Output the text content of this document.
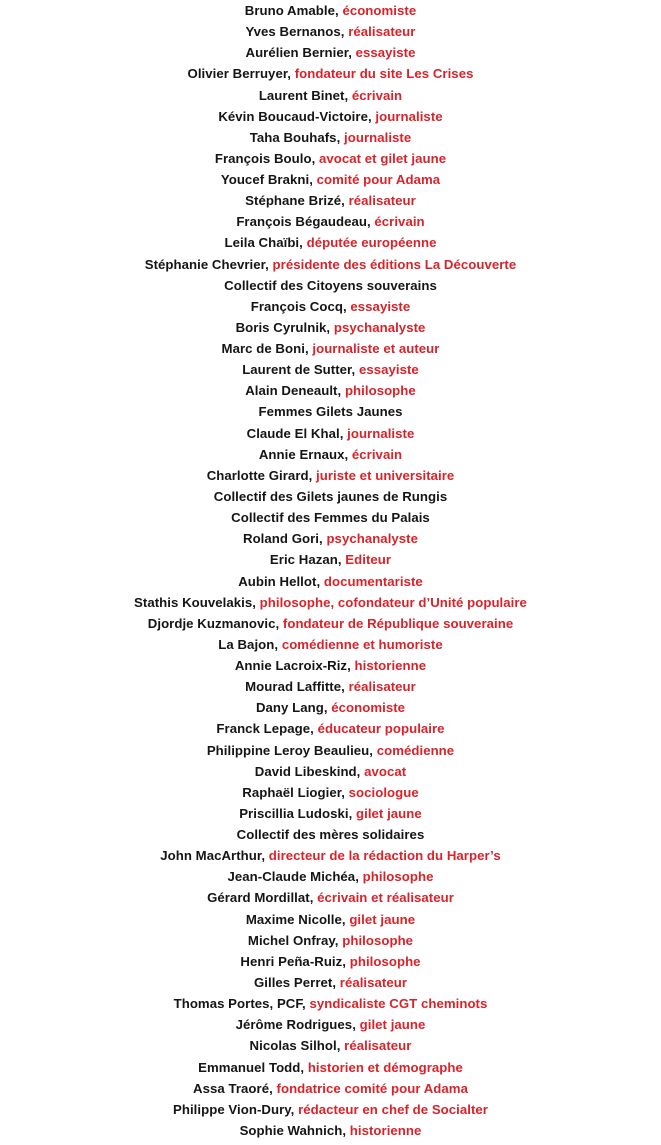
Bruno Amable, économiste
Yves Bernanos, réalisateur
Aurélien Bernier, essayiste
Olivier Berruyer, fondateur du site Les Crises
Laurent Binet, écrivain
Kévin Boucaud-Victoire, journaliste
Taha Bouhafs, journaliste
François Boulo, avocat et gilet jaune
Youcef Brakni, comité pour Adama
Stéphane Brizé, réalisateur
François Bégaudeau, écrivain
Leila Chaïbi, députée européenne
Stéphanie Chevrier, présidente des éditions La Découverte
Collectif des Citoyens souverains
François Cocq, essayiste
Boris Cyrulnik, psychanalyste
Marc de Boni, journaliste et auteur
Laurent de Sutter, essayiste
Alain Deneault, philosophe
Femmes Gilets Jaunes
Claude El Khal, journaliste
Annie Ernaux, écrivain
Charlotte Girard, juriste et universitaire
Collectif des Gilets jaunes de Rungis
Collectif des Femmes du Palais
Roland Gori, psychanalyste
Eric Hazan, Editeur
Aubin Hellot, documentariste
Stathis Kouvelakis, philosophe, cofondateur d’Unité populaire
Djordje Kuzmanovic, fondateur de République souveraine
La Bajon, comédienne et humoriste
Annie Lacroix-Riz, historienne
Mourad Laffitte, réalisateur
Dany Lang, économiste
Franck Lepage, éducateur populaire
Philippine Leroy Beaulieu, comédienne
David Libeskind, avocat
Raphaël Liogier, sociologue
Priscillia Ludoski, gilet jaune
Collectif des mères solidaires
John MacArthur, directeur de la rédaction du Harper’s
Jean-Claude Michéa, philosophe
Gérard Mordillat, écrivain et réalisateur
Maxime Nicolle, gilet jaune
Michel Onfray, philosophe
Henri Peña-Ruiz, philosophe
Gilles Perret, réalisateur
Thomas Portes, PCF, syndicaliste CGT cheminots
Jérôme Rodrigues, gilet jaune
Nicolas Silhol, réalisateur
Emmanuel Todd, historien et démographe
Assa Traoré, fondatrice comité pour Adama
Philippe Vion-Dury, rédacteur en chef de Socialter
Sophie Wahnich, historienne
